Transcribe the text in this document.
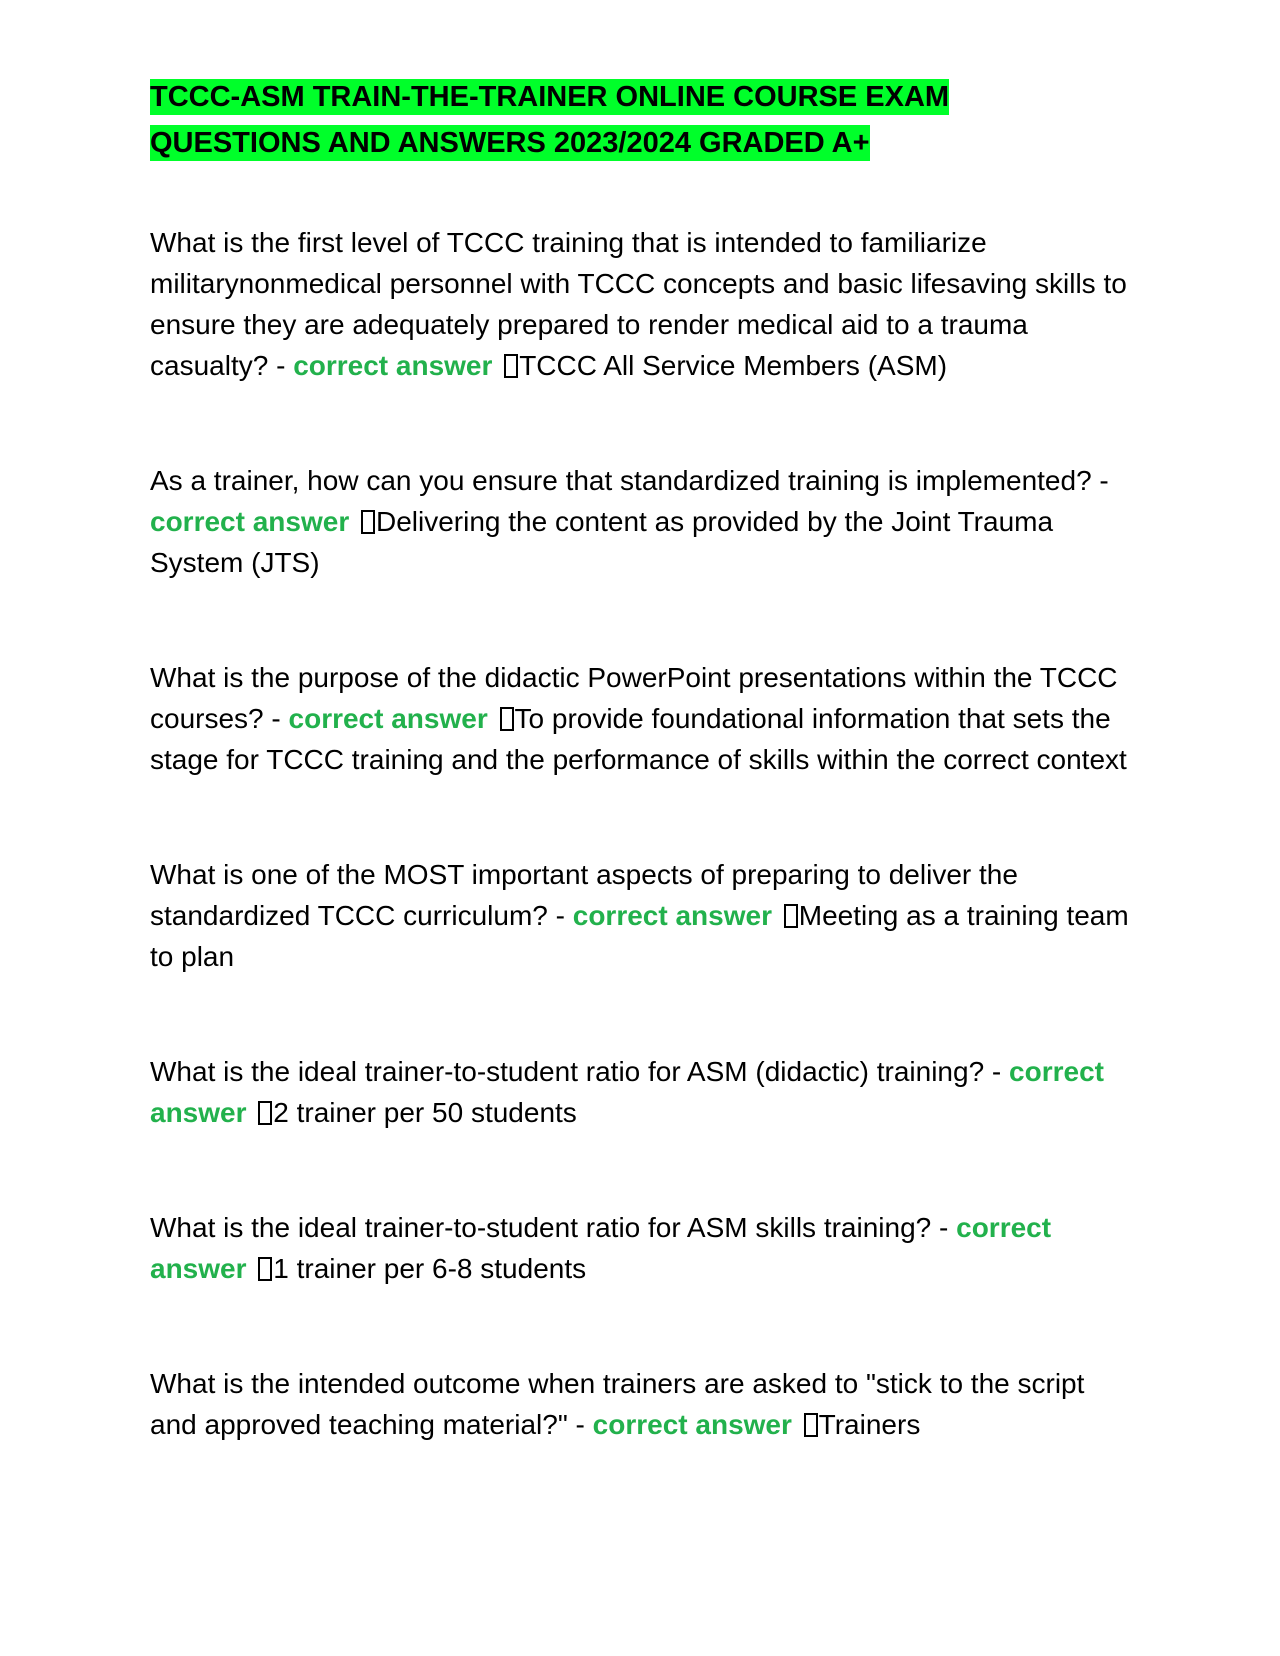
TCCC-ASM TRAIN-THE-TRAINER ONLINE COURSE EXAM
QUESTIONS AND ANSWERS 2023/2024 GRADED A+

What is the first level of TCCC training that is intended to familiarize militarynonmedical personnel with TCCC concepts and basic lifesaving skills to ensure they are adequately prepared to render medical aid to a trauma casualty? - correct answer TCCC All Service Members (ASM)

As a trainer, how can you ensure that standardized training is implemented? - correct answer Delivering the content as provided by the Joint Trauma System (JTS)

What is the purpose of the didactic PowerPoint presentations within the TCCC courses? - correct answer To provide foundational information that sets the stage for TCCC training and the performance of skills within the correct context

What is one of the MOST important aspects of preparing to deliver the standardized TCCC curriculum? - correct answer Meeting as a training team to plan

What is the ideal trainer-to-student ratio for ASM (didactic) training? - correct answer 2 trainer per 50 students

What is the ideal trainer-to-student ratio for ASM skills training? - correct answer 1 trainer per 6-8 students

What is the intended outcome when trainers are asked to "stick to the script and approved teaching material?" - correct answer Trainers
